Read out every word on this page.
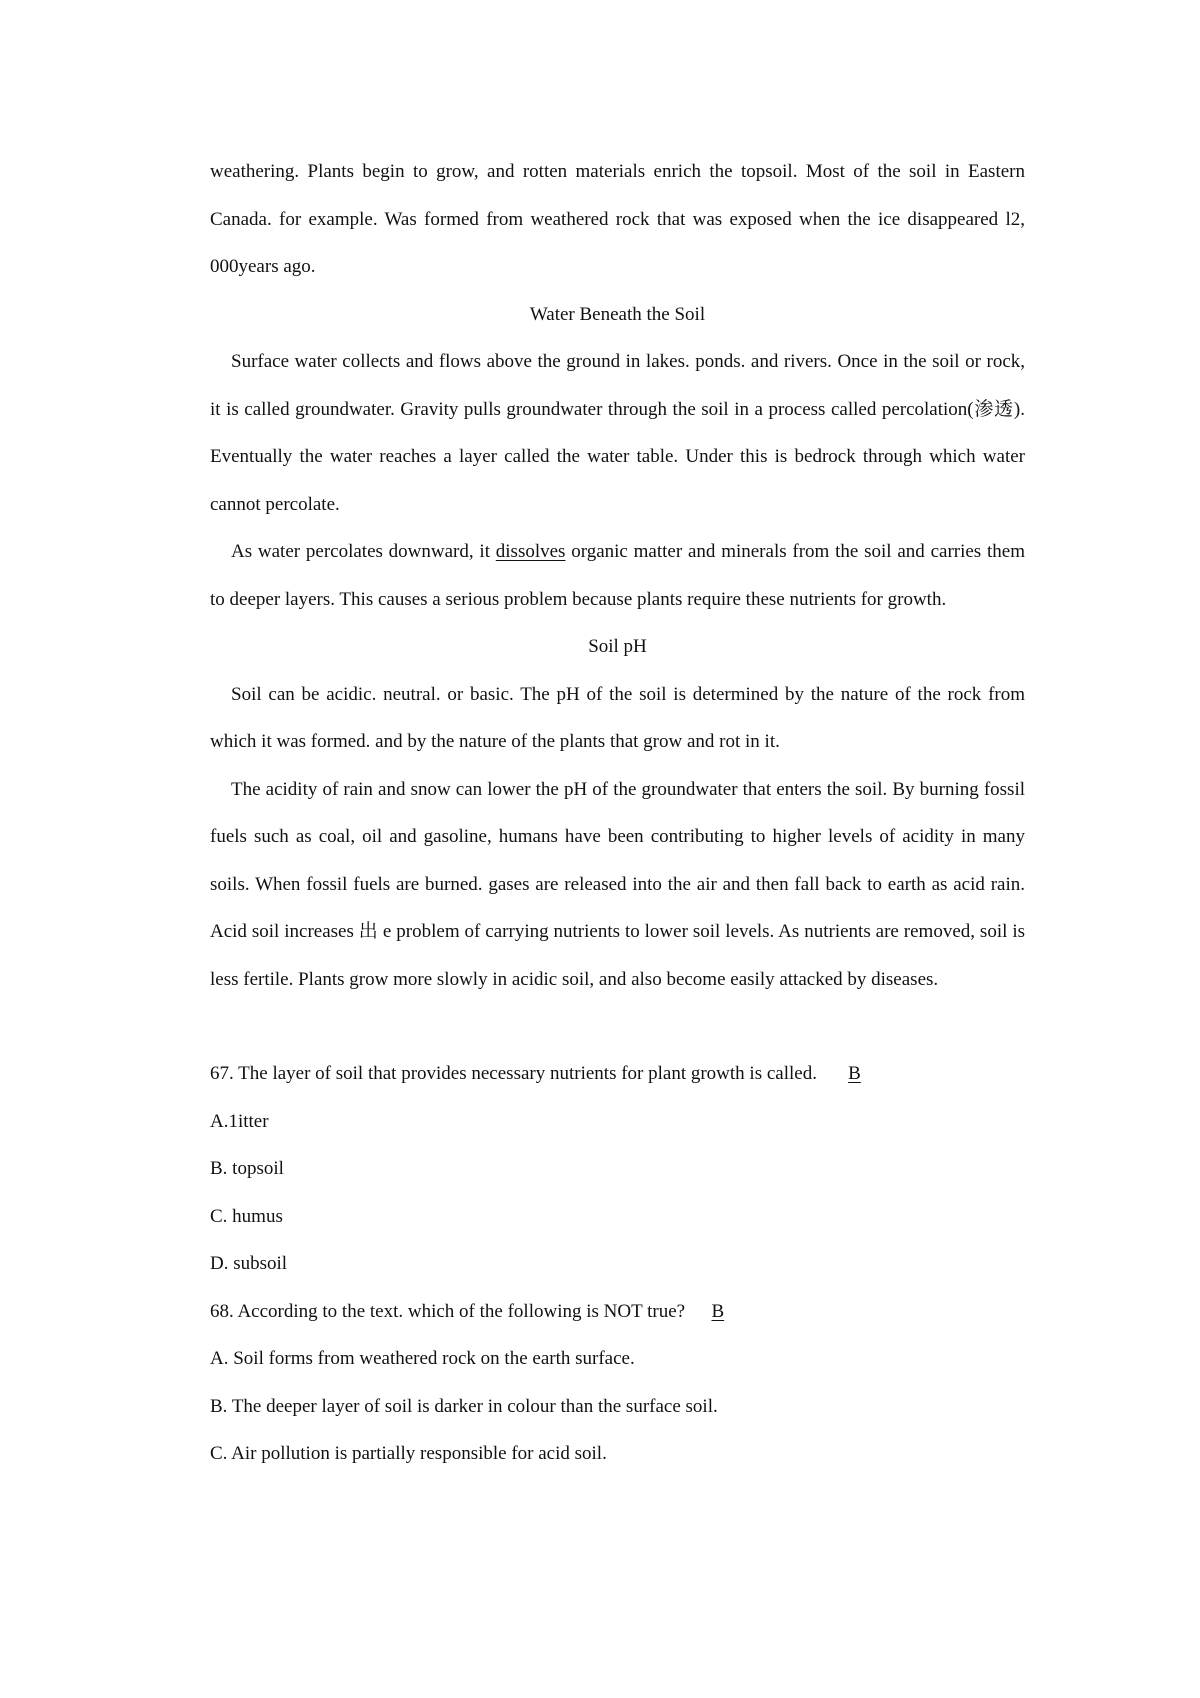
weathering. Plants begin to grow, and rotten materials enrich the topsoil. Most of the soil in Eastern Canada. for example. Was formed from weathered rock that was exposed when the ice disappeared l2, 000years ago.

Water Beneath the Soil

Surface water collects and flows above the ground in lakes. ponds. and rivers. Once in the soil or rock, it is called groundwater. Gravity pulls groundwater through the soil in a process called percolation(渗透). Eventually the water reaches a layer called the water table. Under this is bedrock through which water cannot percolate.

As water percolates downward, it dissolves organic matter and minerals from the soil and carries them to deeper layers. This causes a serious problem because plants require these nutrients for growth.

Soil pH

Soil can be acidic. neutral. or basic. The pH of the soil is determined by the nature of the rock from which it was formed. and by the nature of the plants that grow and rot in it.

The acidity of rain and snow can lower the pH of the groundwater that enters the soil. By burning fossil fuels such as coal, oil and gasoline, humans have been contributing to higher levels of acidity in many soils. When fossil fuels are burned. gases are released into the air and then fall back to earth as acid rain. Acid soil increases 出 e problem of carrying nutrients to lower soil levels. As nutrients are removed, soil is less fertile. Plants grow more slowly in acidic soil, and also become easily attacked by diseases.

67. The layer of soil that provides necessary nutrients for plant growth is called. B

A.1itter

B. topsoil

C. humus

D. subsoil

68. According to the text. which of the following is NOT true? B

A. Soil forms from weathered rock on the earth surface.

B. The deeper layer of soil is darker in colour than the surface soil.

C. Air pollution is partially responsible for acid soil.
